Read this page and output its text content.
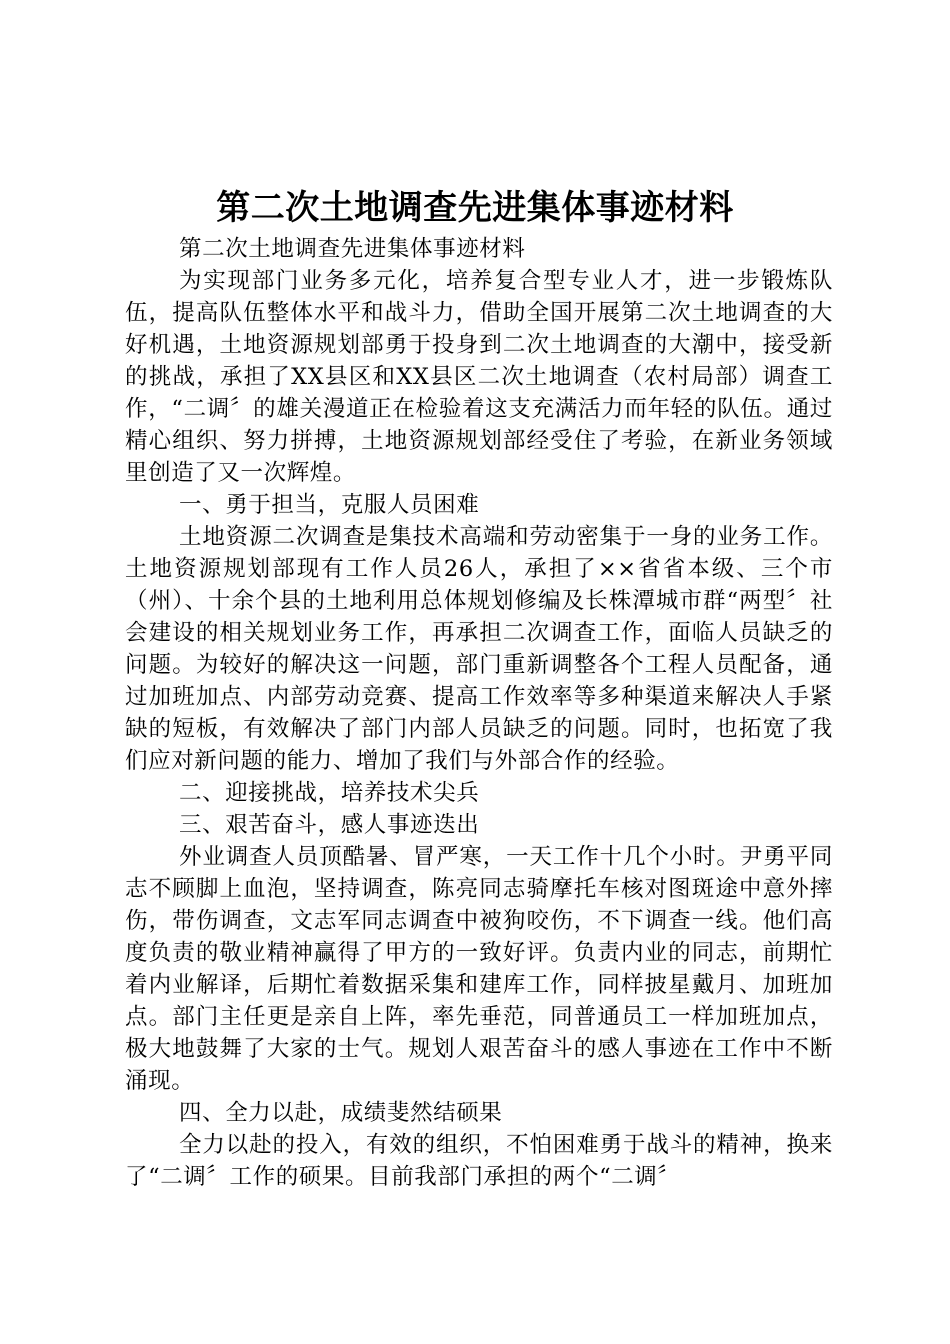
第二次土地调查先进集体事迹材料

第二次土地调查先进集体事迹材料

为实现部门业务多元化，培养复合型专业人才，进一步锻炼队伍，提高队伍整体水平和战斗力，借助全国开展第二次土地调查的大好机遇，土地资源规划部勇于投身到二次土地调查的大潮中，接受新的挑战，承担了XX县区和XX县区二次土地调查（农村局部）调查工作，“二调〞的雄关漫道正在检验着这支充满活力而年轻的队伍。通过精心组织、努力拼搏，土地资源规划部经受住了考验，在新业务领域里创造了又一次辉煌。

一、勇于担当，克服人员困难

土地资源二次调查是集技术高端和劳动密集于一身的业务工作。土地资源规划部现有工作人员26人，承担了××省省本级、三个市（州）、十余个县的土地利用总体规划修编及长株潭城市群“两型〞社会建设的相关规划业务工作，再承担二次调查工作，面临人员缺乏的问题。为较好的解决这一问题，部门重新调整各个工程人员配备，通过加班加点、内部劳动竞赛、提高工作效率等多种渠道来解决人手紧缺的短板，有效解决了部门内部人员缺乏的问题。同时，也拓宽了我们应对新问题的能力、增加了我们与外部合作的经验。

二、迎接挑战，培养技术尖兵

三、艰苦奋斗，感人事迹迭出

外业调查人员顶酷暑、冒严寒，一天工作十几个小时。尹勇平同志不顾脚上血泡，坚持调查，陈亮同志骑摩托车核对图斑途中意外摔伤，带伤调查，文志军同志调查中被狗咬伤，不下调查一线。他们高度负责的敬业精神赢得了甲方的一致好评。负责内业的同志，前期忙着内业解译，后期忙着数据采集和建库工作，同样披星戴月、加班加点。部门主任更是亲自上阵，率先垂范，同普通员工一样加班加点，极大地鼓舞了大家的士气。规划人艰苦奋斗的感人事迹在工作中不断涌现。

四、全力以赴，成绩斐然结硕果

全力以赴的投入，有效的组织，不怕困难勇于战斗的精神，换来了“二调〞工作的硕果。目前我部门承担的两个“二调〞
